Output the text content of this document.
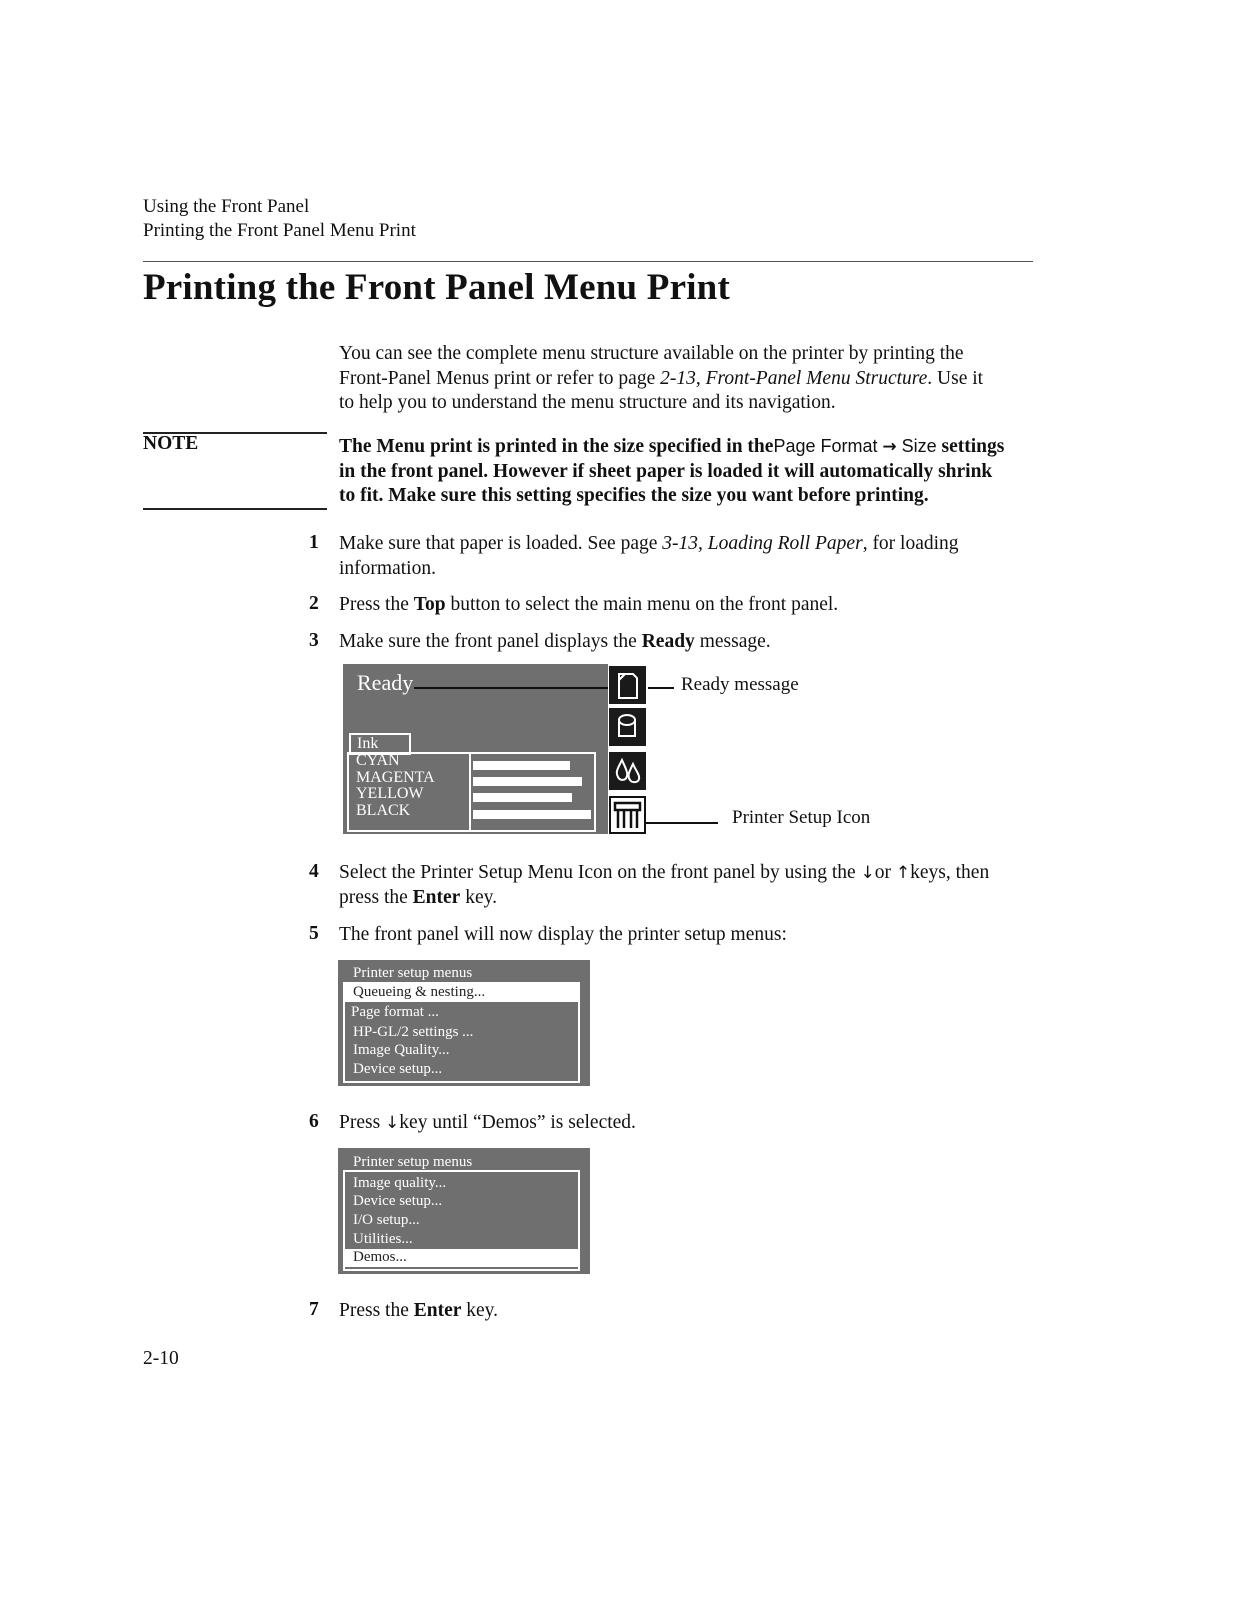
Using the Front Panel
Printing the Front Panel Menu Print
Printing the Front Panel Menu Print
You can see the complete menu structure available on the printer by printing the
Front-Panel Menus print or refer to page 2-13, Front-Panel Menu Structure. Use it
to help you to understand the menu structure and its navigation.
NOTE	The Menu print is printed in the size specified in thePage Format → Size settings
in the front panel. However if sheet paper is loaded it will automatically shrink
to fit. Make sure this setting specifies the size you want before printing.
1 Make sure that paper is loaded. See page 3-13, Loading Roll Paper, for loading
information.
2 Press the Top button to select the main menu on the front panel.
3 Make sure the front panel displays the Ready message.
Ready
Ink
CYAN
MAGENTA
YELLOW
BLACK
Ready message
Printer Setup Icon
4 Select the Printer Setup Menu Icon on the front panel by using the ↓or ↑keys, then
press the Enter key.
5 The front panel will now display the printer setup menus:
Printer setup menus
Queueing & nesting...
Page format ...
HP-GL/2 settings ...
Image Quality...
Device setup...
6 Press ↓key until “Demos” is selected.
Printer setup menus
Image quality...
Device setup...
I/O setup...
Utilities...
Demos...
7 Press the Enter key.
2-10
